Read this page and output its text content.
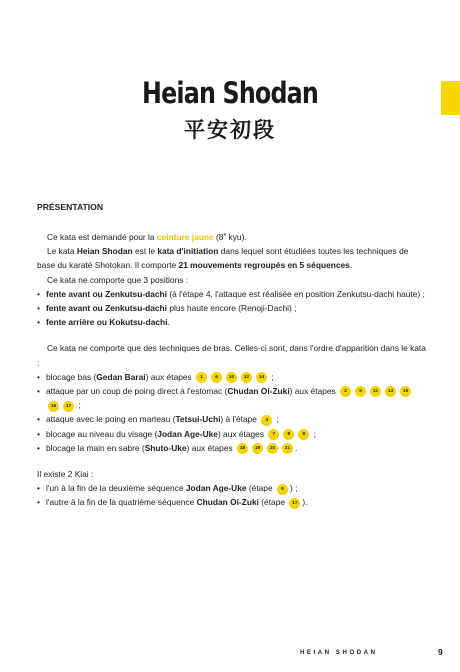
Heian Shodan
平安初段
PRÉSENTATION

Ce kata est demandé pour la ceinture jaune (8e kyu).

Le kata Heian Shodan est le kata d'initiation dans lequel sont étudiées toutes les techniques de base du karaté Shotokan. Il comporte 21 mouvements regroupés en 5 séquences.

Ce kata ne comporte que 3 positions :

• fente avant ou Zenkutsu-dachi (à l'étape 4, l'attaque est réalisée en position Zenkutsu-dachi haute) ;
• fente avant ou Zenkutsu-dachi plus haute encore (Renoji-Dachi) ;
• fente arrière ou Kokutsu-dachi.

Ce kata ne comporte que des techniques de bras. Celles-ci sont, dans l'ordre d'apparition dans le kata :

• blocage bas (Gedan Barai) aux étapes 1	6 10 12 14 ;
• attaque par un coup de poing direct à l'estomac (Chudan Oi-Zuki) aux étapes 2	5 11 13 1516 17 ;
• attaque avec le poing en marteau (Tetsui-Uchi) à l'étape 4 ;
• blocage au niveau du visage (Jodan Age-Uke) aux étages 7	8	9 ;
• blocage la main en sabre (Shuto-Uke) aux étapes 18 19 20 21 .

Il existe 2 Kiai :

• l'un à la fin de la deuxième séquence Jodan Age-Uke (étape 9 ) ;
• l'autre à la fin de la quatrième séquence Chudan Oi-Zuki (étape 17 ).
HEIAN SHODAN	9
